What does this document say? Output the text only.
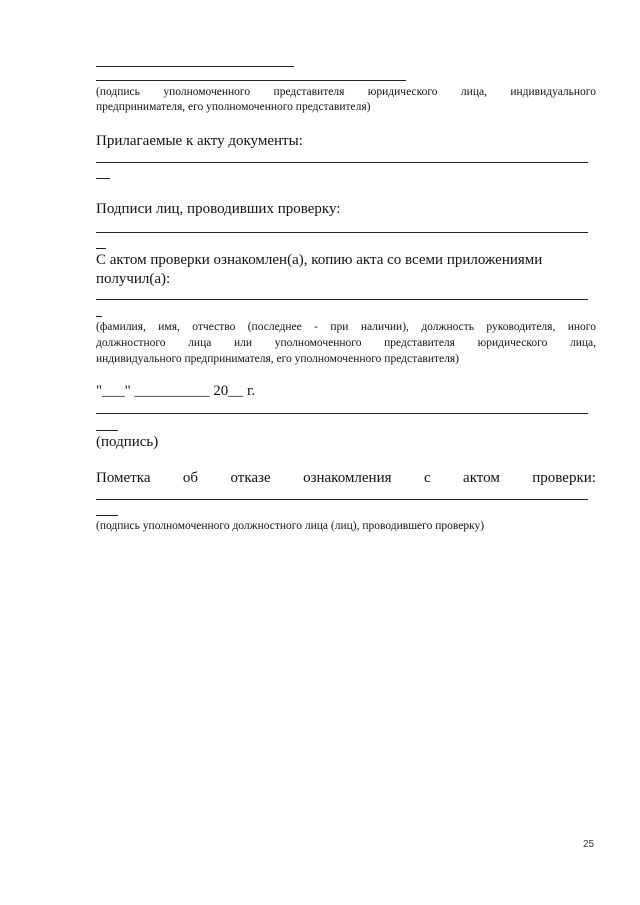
(подпись уполномоченного представителя юридического лица, индивидуального
предпринимателя, его уполномоченного представителя)
Прилагаемые к акту документы:
Подписи лиц, проводивших проверку:
С актом проверки ознакомлен(а), копию акта со всеми приложениями
получил(а):
(фамилия, имя, отчество (последнее - при наличии), должность руководителя, иного
должностного лица или уполномоченного представителя юридического лица,
индивидуального предпринимателя, его уполномоченного представителя)
"___" __________ 20__ г.
(подпись)
Пометка об отказе ознакомления с актом проверки:
(подпись уполномоченного должностного лица (лиц), проводившего проверку)
25
